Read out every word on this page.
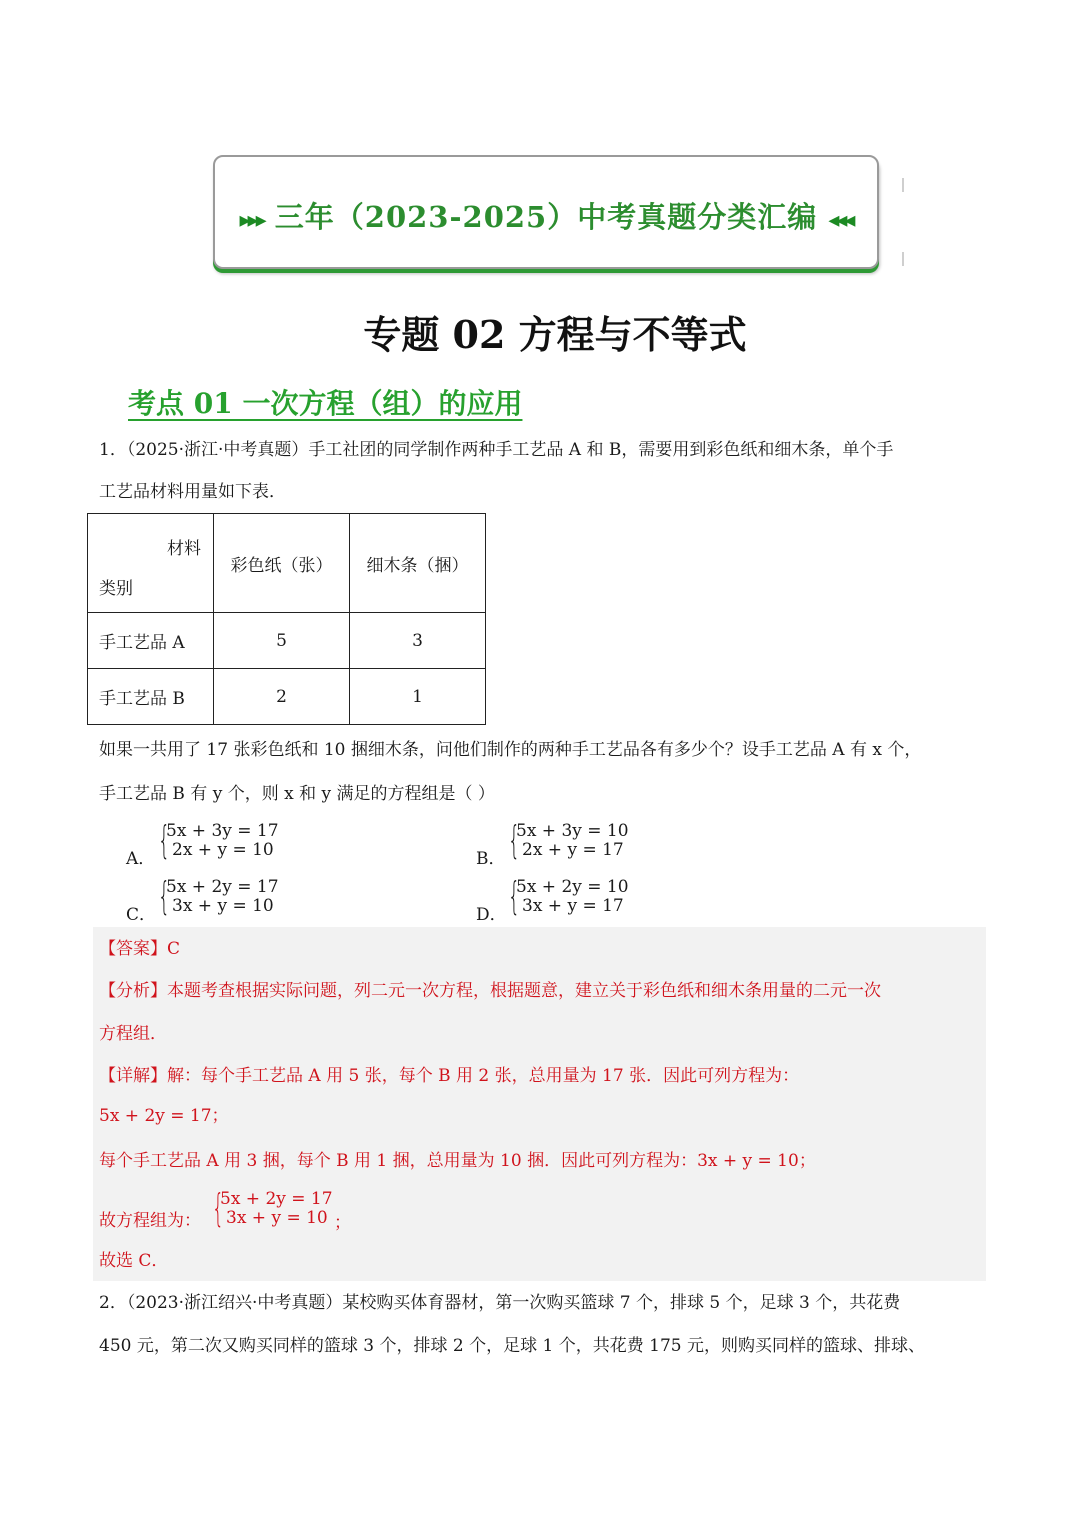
▸▸▸ 三年（2023-2025）中考真题分类汇编 ◂◂◂
专题 02 方程与不等式
考点 01 一次方程（组）的应用
1．（2025·浙江·中考真题）手工社团的同学制作两种手工艺品 A 和 B，需要用到彩色纸和细木条，单个手
工艺品材料用量如下表．
材料
类别	彩色纸（张）	细木条（捆）
手工艺品 A	5	3
手工艺品 B	2	1
如果一共用了 17 张彩色纸和 10 捆细木条，问他们制作的两种手工艺品各有多少个？设手工艺品 A 有 x 个，
手工艺品 B 有 y 个，则 x 和 y 满足的方程组是（ ）
A． {
5x + 3y = 17
2x + y = 10	B． {
5x + 3y = 10
2x + y = 17
C． {
5x + 2y = 17
3x + y = 10	D． {
5x + 2y = 10
3x + y = 17
【答案】C
【分析】本题考查根据实际问题，列二元一次方程，根据题意，建立关于彩色纸和细木条用量的二元一次
方程组．
【详解】解：每个手工艺品 A 用 5 张，每个 B 用 2 张，总用量为 17 张．因此可列方程为：
5x + 2y = 17；
每个手工艺品 A 用 3 捆，每个 B 用 1 捆，总用量为 10 捆．因此可列方程为：3x + y = 10；
故方程组为： {
5x + 2y = 17
3x + y = 10 ；
故选 C．
2．（2023·浙江绍兴·中考真题）某校购买体育器材，第一次购买篮球 7 个，排球 5 个，足球 3 个，共花费
450 元，第二次又购买同样的篮球 3 个，排球 2 个，足球 1 个，共花费 175 元，则购买同样的篮球、排球、
